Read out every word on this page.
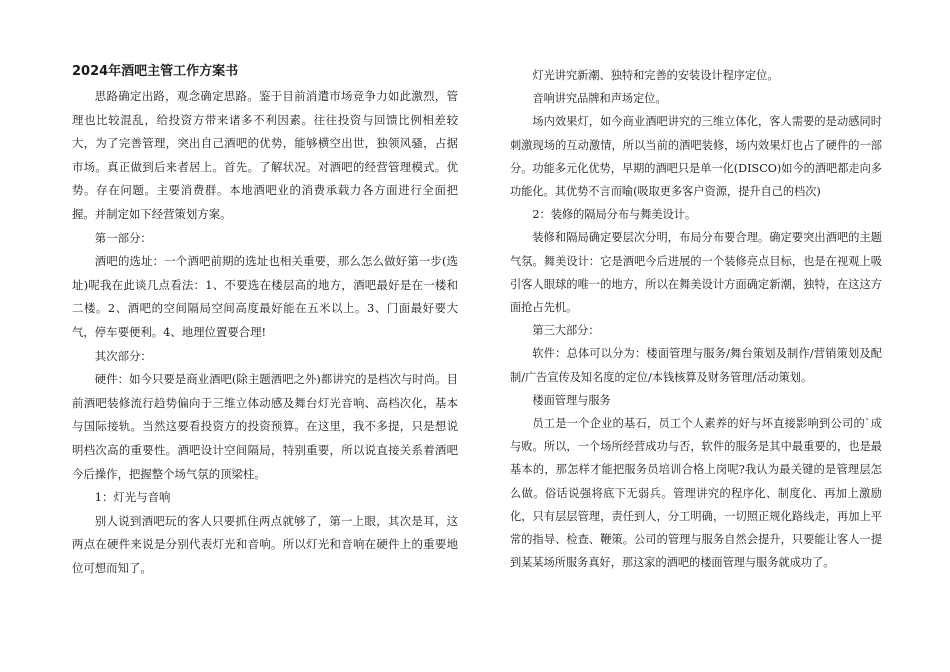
2024年酒吧主管工作方案书

思路确定出路，观念确定思路。鉴于目前消遣市场竞争力如此激烈，管理也比较混乱，给投资方带来诸多不利因素。往往投资与回馈比例相差较大，为了完善管理，突出自己酒吧的优势，能够横空出世，独领风骚，占据市场。真正做到后来者居上。首先。了解状况。对酒吧的经营管理模式。优势。存在问题。主要消费群。本地酒吧业的消费承载力各方面进行全面把握。并制定如下经营策划方案。

第一部分：

酒吧的选址：一个酒吧前期的选址也相关重要，那么怎么做好第一步(选址)呢我在此谈几点看法：1、不要选在楼层高的地方，酒吧最好是在一楼和二楼。2、酒吧的空间隔局空间高度最好能在五米以上。3、门面最好要大气，停车要便利。4、地理位置要合理!

其次部分：

硬件：如今只要是商业酒吧(除主题酒吧之外)都讲究的是档次与时尚。目前酒吧装修流行趋势偏向于三维立体动感及舞台灯光音响、高档次化，基本与国际接轨。当然这要看投资方的投资预算。在这里，我不多提，只是想说明档次高的重要性。酒吧设计空间隔局，特别重要，所以说直接关系着酒吧今后操作，把握整个场气氛的顶梁柱。

1：灯光与音响

别人说到酒吧玩的客人只要抓住两点就够了，第一上眼，其次是耳，这两点在硬件来说是分别代表灯光和音响。所以灯光和音响在硬件上的重要地位可想而知了。

灯光讲究新潮、独特和完善的安装设计程序定位。

音响讲究品牌和声场定位。

场内效果灯，如今商业酒吧讲究的三维立体化，客人需要的是动感同时刺激现场的互动激情，所以当前的酒吧装修，场内效果灯也占了硬件的一部分。功能多元化优势，早期的酒吧只是单一化(DISCO)如今的酒吧都走向多功能化。其优势不言而喻(吸取更多客户资源，提升自己的档次)

2：装修的隔局分布与舞美设计。

装修和隔局确定要层次分明，布局分布要合理。确定要突出酒吧的主题气氛。舞美设计：它是酒吧今后进展的一个装修亮点目标，也是在视观上吸引客人眼球的唯一的地方，所以在舞美设计方面确定新潮，独特，在这这方面抢占先机。

第三大部分：

软件：总体可以分为：楼面管理与服务/舞台策划及制作/营销策划及配制/广告宣传及知名度的定位/本钱核算及财务管理/活动策划。

楼面管理与服务

员工是一个企业的基石，员工个人素养的好与坏直接影响到公司的`成与败。所以，一个场所经营成功与否，软件的服务是其中最重要的，也是最基本的，那怎样才能把服务员培训合格上岗呢?我认为最关键的是管理层怎么做。俗话说强将底下无弱兵。管理讲究的程序化、制度化、再加上激励化，只有层层管理，责任到人，分工明确，一切照正规化路线走，再加上平常的指导、检查、鞭策。公司的管理与服务自然会提升，只要能让客人一提到某某场所服务真好，那这家的酒吧的楼面管理与服务就成功了。
